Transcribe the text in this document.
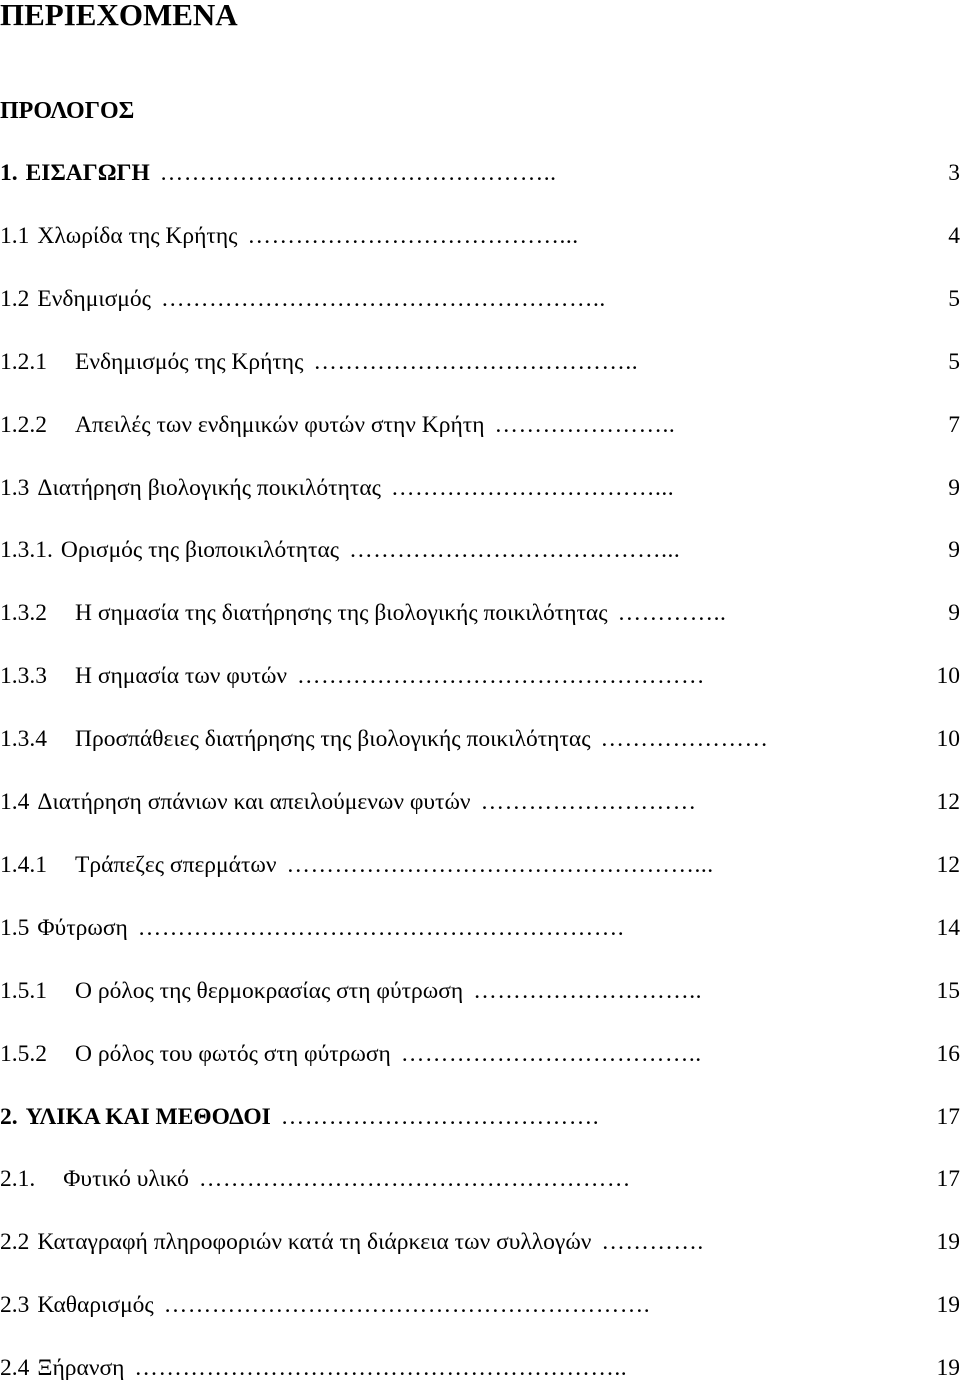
ΠΕΡΙΕΧΟΜΕΝΑ
ΠΡΟΛΟΓΟΣ
1. ΕΙΣΑΓΩΓΗ …………………………………………..	3
1.1 Χλωρίδα της Κρήτης …………………………………...	4
1.2 Ενδημισμός ………………………………………………..	5
1.2.1 Ενδημισμός της Κρήτης …………………………………..	5
1.2.2 Απειλές των ενδημικών φυτών στην Κρήτη …………………..	7
1.3 Διατήρηση βιολογικής ποικιλότητας ……………………………...	9
1.3.1. Ορισμός της βιοποικιλότητας …………………………………...	9
1.3.2 Η σημασία της διατήρησης της βιολογικής ποικιλότητας …………..	9
1.3.3 Η σημασία των φυτών ……………………………………………	10
1.3.4 Προσπάθειες διατήρησης της βιολογικής ποικιλότητας …………………	10
1.4 Διατήρηση σπάνιων και απειλούμενων φυτών ………………………	12
1.4.1 Τράπεζες σπερμάτων ……………………………………………...	12
1.5 Φύτρωση …………………………………………………….	14
1.5.1 Ο ρόλος της θερμοκρασίας στη φύτρωση ………………………..	15
1.5.2 Ο ρόλος του φωτός στη φύτρωση ………………………………..	16
2. ΥΛΙΚΑ ΚΑΙ ΜΕΘΟΔΟΙ ………………………………….	17
2.1. Φυτικό υλικό ………………………………………………	17
2.2 Καταγραφή πληροφοριών κατά τη διάρκεια των συλλογών ………….	19
2.3 Καθαρισμός …………………………………………………….	19
2.4 Ξήρανση ……………………………………………………..	19
